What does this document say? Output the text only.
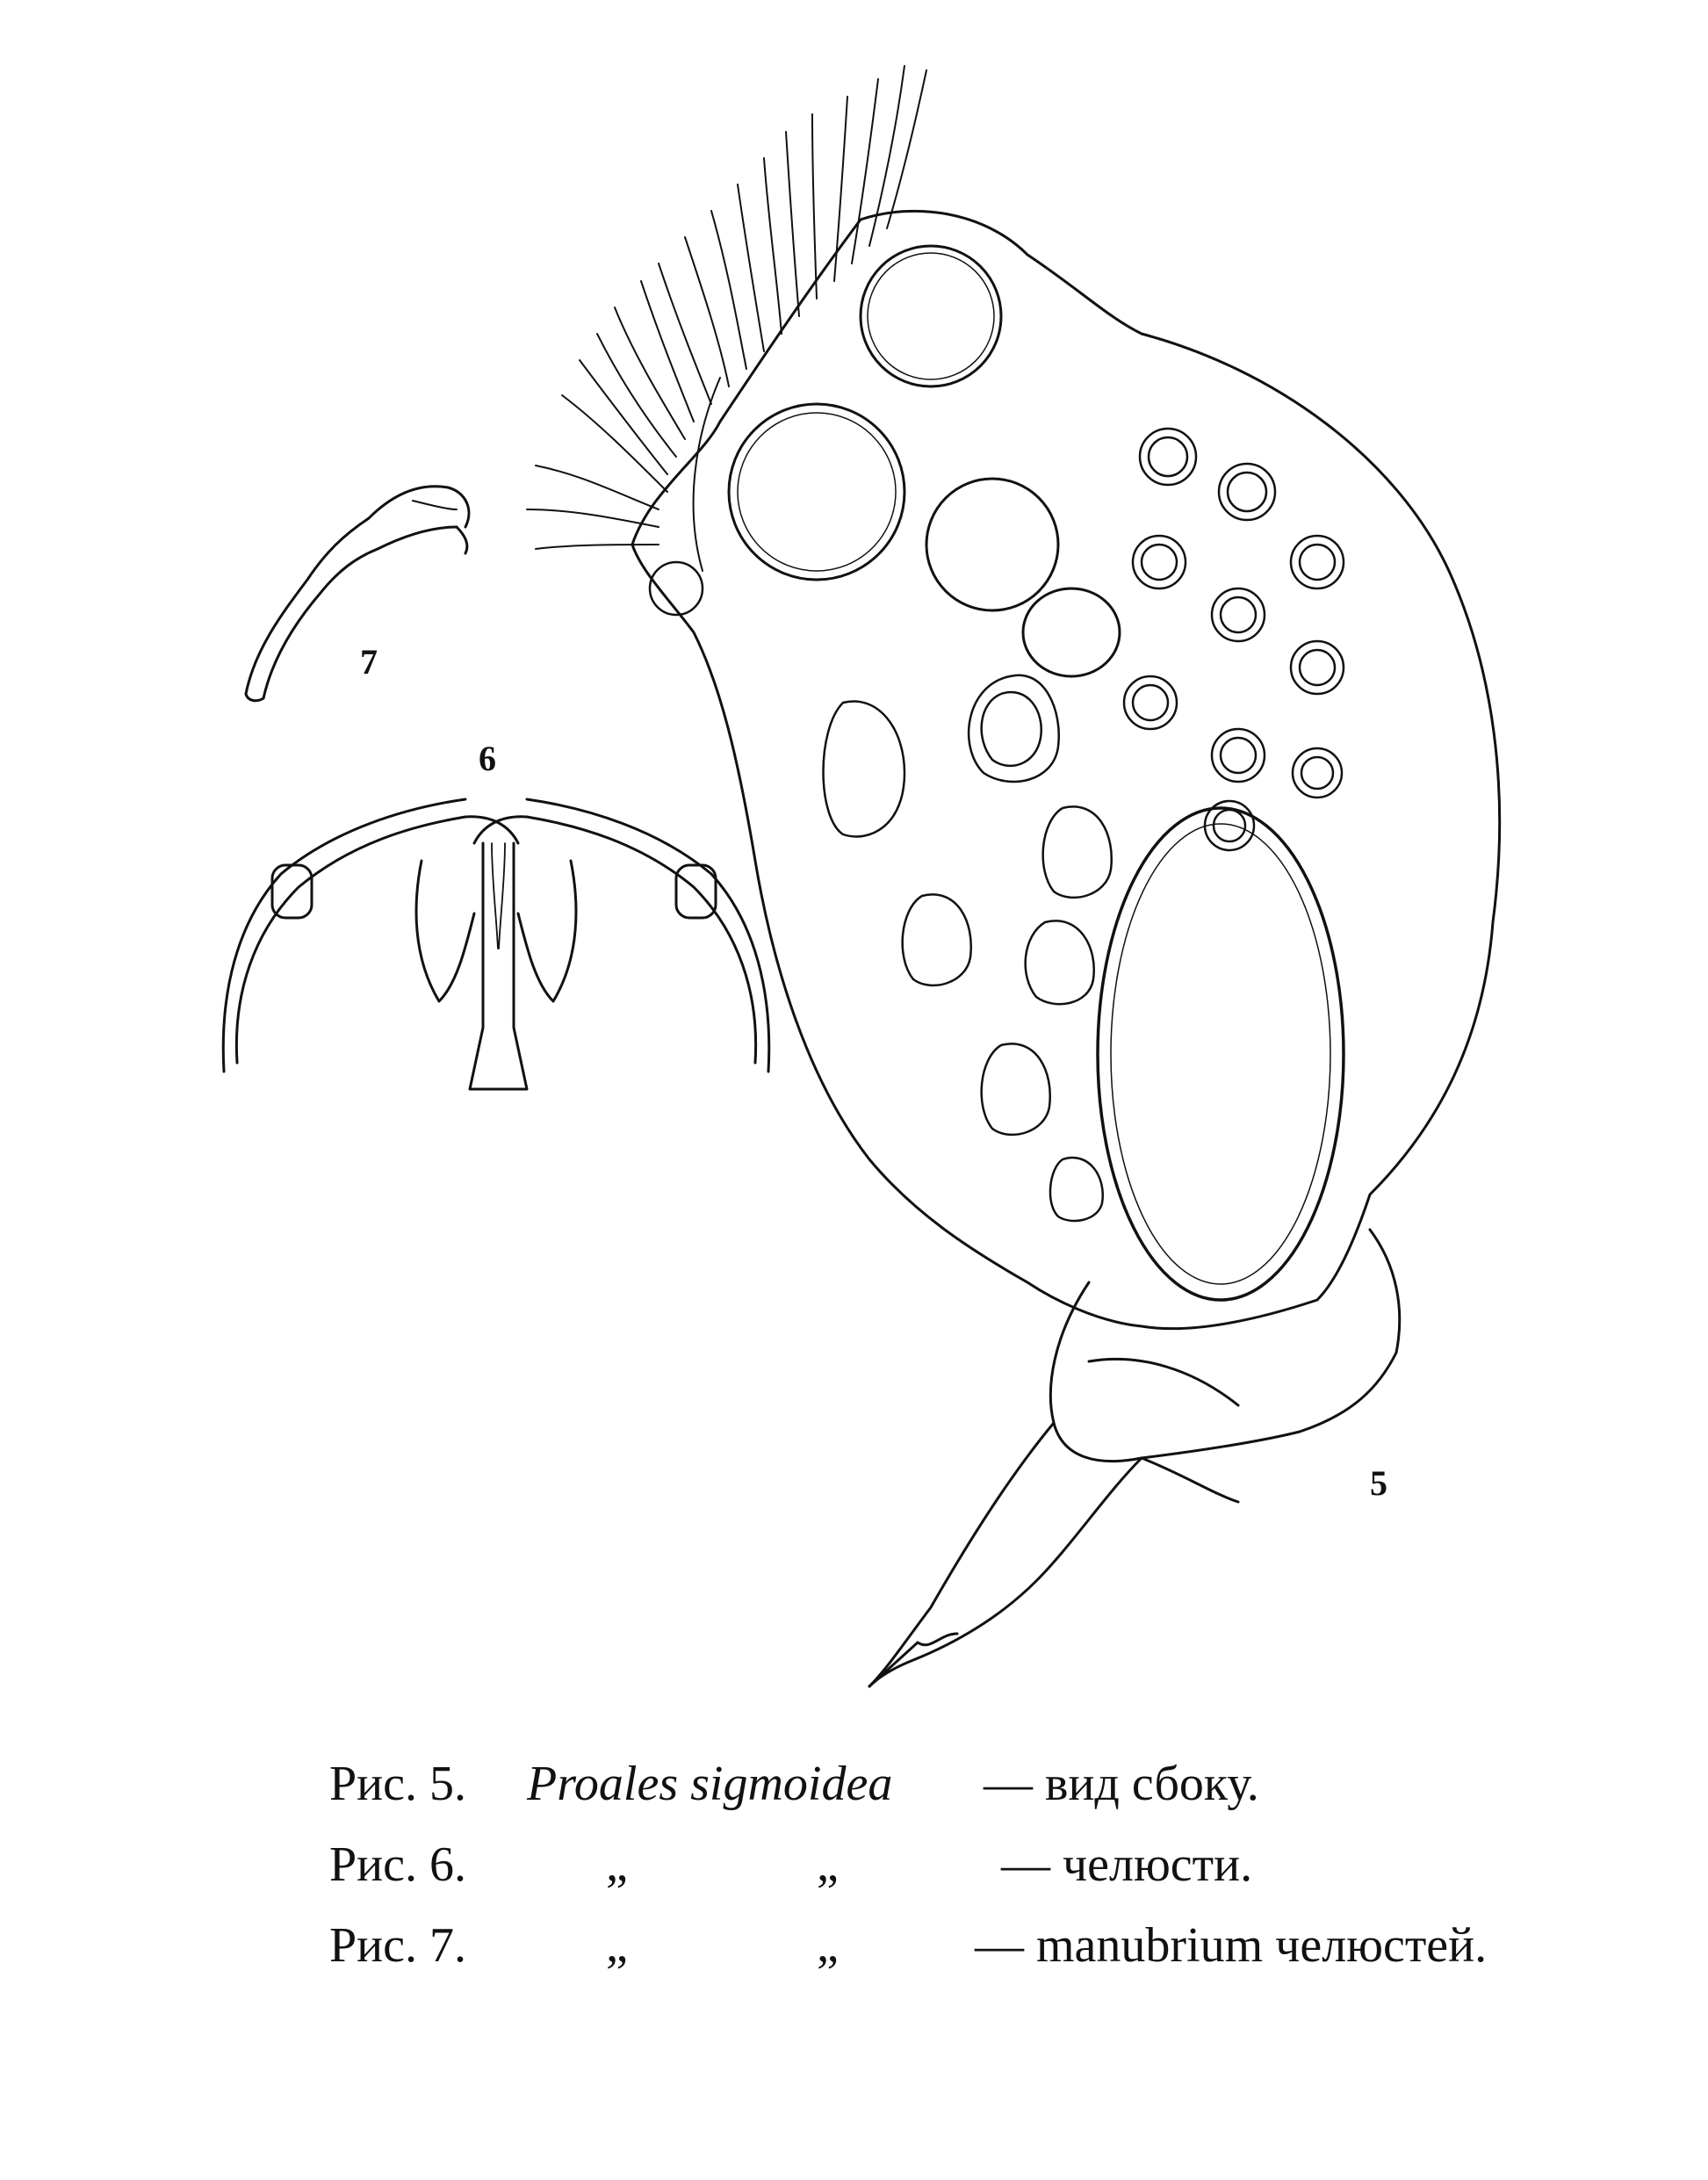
7
6
5
Рис. 5. Proales sigmoidea — вид сбоку.
Рис. 6.	„	„	— челюсти.
Рис. 7.	„	„	— manubrium челюстей.
